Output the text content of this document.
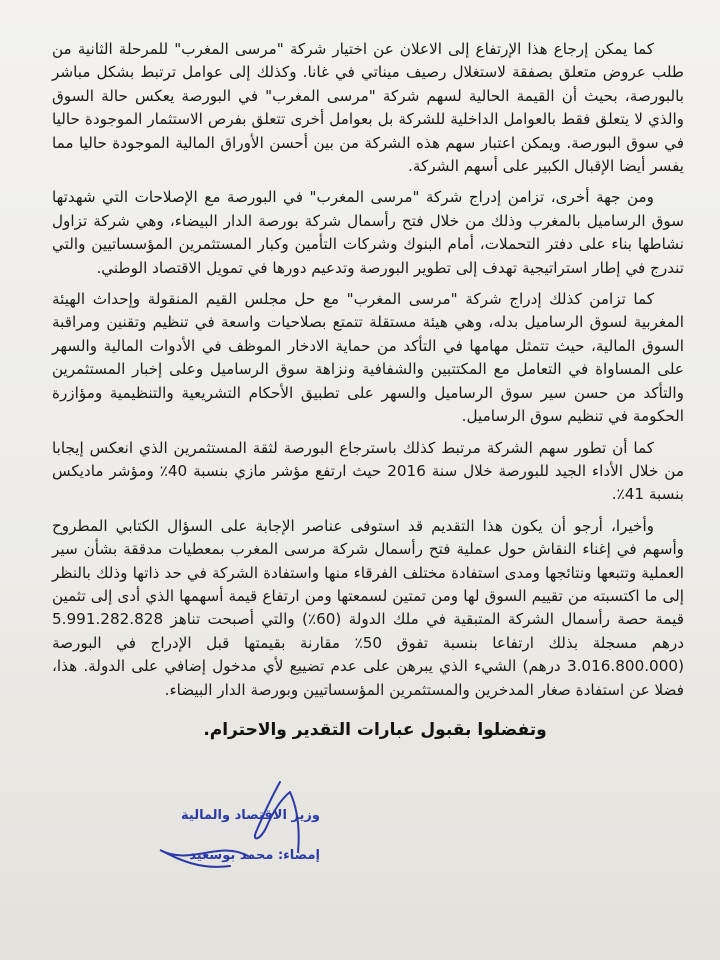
كما يمكن إرجاع هذا الإرتفاع إلى الاعلان عن اختيار شركة "مرسى المغرب" للمرحلة الثانية من طلب عروض متعلق بصفقة لاستغلال رصيف ميناتي في غانا. وكذلك إلى عوامل ترتبط بشكل مباشر بالبورصة، بحيث أن القيمة الحالية لسهم شركة "مرسى المغرب" في البورصة يعكس حالة السوق والذي لا يتعلق فقط بالعوامل الداخلية للشركة بل بعوامل أخرى تتعلق بفرص الاستثمار الموجودة حاليا في سوق البورصة. ويمكن اعتبار سهم هذه الشركة من بين أحسن الأوراق المالية الموجودة حاليا مما يفسر أيضا الإقبال الكبير على أسهم الشركة.

ومن جهة أخرى، تزامن إدراج شركة "مرسى المغرب" في البورصة مع الإصلاحات التي شهدتها سوق الرساميل بالمغرب وذلك من خلال فتح رأسمال شركة بورصة الدار البيضاء، وهي شركة تزاول نشاطها بناء على دفتر التحملات، أمام البنوك وشركات التأمين وكبار المستثمرين المؤسساتيين والتي تندرج في إطار استراتيجية تهدف إلى تطوير البورصة وتدعيم دورها في تمويل الاقتصاد الوطني.

كما تزامن كذلك إدراج شركة "مرسى المغرب" مع حل مجلس القيم المنقولة وإحداث الهيئة المغربية لسوق الرساميل بدله، وهي هيئة مستقلة تتمتع بصلاحيات واسعة في تنظيم وتقنين ومراقبة السوق المالية، حيث تتمثل مهامها في التأكد من حماية الادخار الموظف في الأدوات المالية والسهر على المساواة في التعامل مع المكتتبين والشفافية ونزاهة سوق الرساميل وعلى إخبار المستثمرين والتأكد من حسن سير سوق الرساميل والسهر على تطبيق الأحكام التشريعية والتنظيمية ومؤازرة الحكومة في تنظيم سوق الرساميل.

كما أن تطور سهم الشركة مرتبط كذلك باسترجاع البورصة لثقة المستثمرين الذي انعكس إيجابا من خلال الأداء الجيد للبورصة خلال سنة 2016 حيث ارتفع مؤشر مازي بنسبة 40٪ ومؤشر ماديكس بنسبة 41٪.

وأخيرا، أرجو أن يكون هذا التقديم قد استوفى عناصر الإجابة على السؤال الكتابي المطروح وأسهم في إغناء النقاش حول عملية فتح رأسمال شركة مرسى المغرب بمعطيات مدققة بشأن سير العملية وتتبعها ونتائجها ومدى استفادة مختلف الفرقاء منها واستفادة الشركة في حد ذاتها وذلك بالنظر إلى ما اكتسبته من تقييم السوق لها ومن تمتين لسمعتها ومن ارتفاع قيمة أسهمها الذي أدى إلى تثمين قيمة حصة رأسمال الشركة المتبقية في ملك الدولة (60٪) والتي أصبحت تناهز 5.991.282.828 درهم مسجلة بذلك ارتفاعا بنسبة تفوق 50٪ مقارنة بقيمتها قبل الإدراج في البورصة (3.016.800.000 درهم) الشيء الذي يبرهن على عدم تضييع لأي مدخول إضافي على الدولة. هذا، فضلا عن استفادة صغار المدخرين والمستثمرين المؤسساتيين وبورصة الدار البيضاء.

وتفضلوا بقبول عبارات التقدير والاحترام.
وزير الاقتصاد والمالية
إمضاء: محمد بوسعيد
